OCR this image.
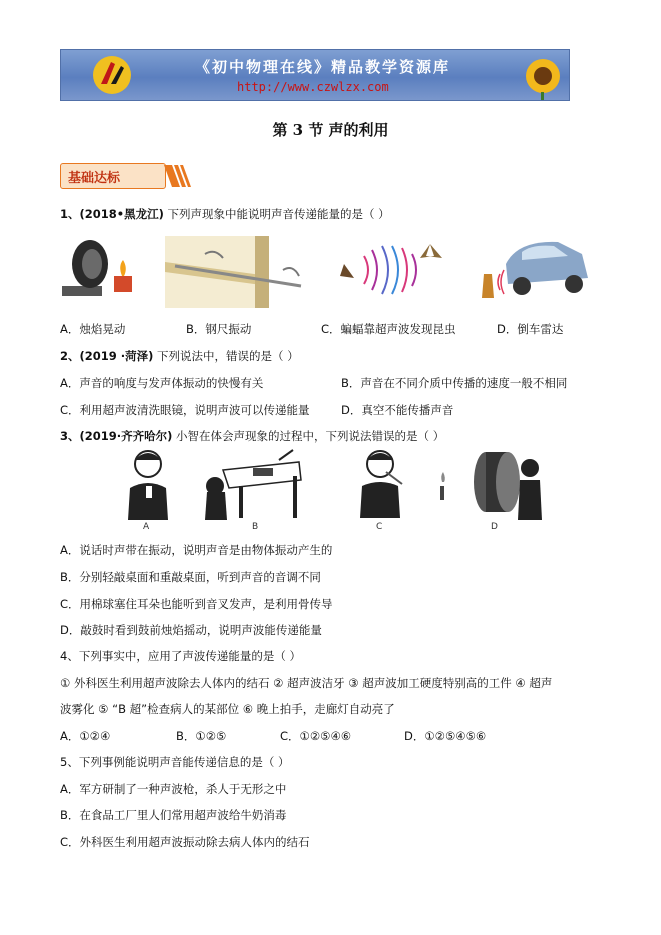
《初中物理在线》精品教学资源库
http://www.czwlzx.com
第 3 节 声的利用
基础达标
1、(2018•黑龙江) 下列声现象中能说明声音传递能量的是（ ）
A．烛焰晃动	B．钢尺振动	C．蝙蝠靠超声波发现昆虫	D．倒车雷达
2、(2019 ·菏泽) 下列说法中，错误的是（ ）
A．声音的响度与发声体振动的快慢有关	B．声音在不同介质中传播的速度一般不相同
C．利用超声波清洗眼镜，说明声波可以传递能量	D．真空不能传播声音
3、(2019·齐齐哈尔) 小智在体会声现象的过程中，下列说法错误的是（ ）
A	B	C	D
A．说话时声带在振动，说明声音是由物体振动产生的
B．分别轻敲桌面和重敲桌面，听到声音的音调不同
C．用棉球塞住耳朵也能听到音叉发声，是利用骨传导
D．敲鼓时看到鼓前烛焰摇动，说明声波能传递能量
4、下列事实中，应用了声波传递能量的是（ ）
① 外科医生利用超声波除去人体内的结石 ② 超声波洁牙 ③ 超声波加工硬度特别高的工件 ④ 超声
波雾化 ⑤ “B 超”检查病人的某部位 ⑥ 晚上拍手，走廊灯自动亮了
A．①②④	B．①②⑤	C．①②⑤④⑥	D．①②⑤④⑤⑥
5、下列事例能说明声音能传递信息的是（ ）
A．军方研制了一种声波枪，杀人于无形之中
B．在食品工厂里人们常用超声波给牛奶消毒
C．外科医生利用超声波振动除去病人体内的结石
